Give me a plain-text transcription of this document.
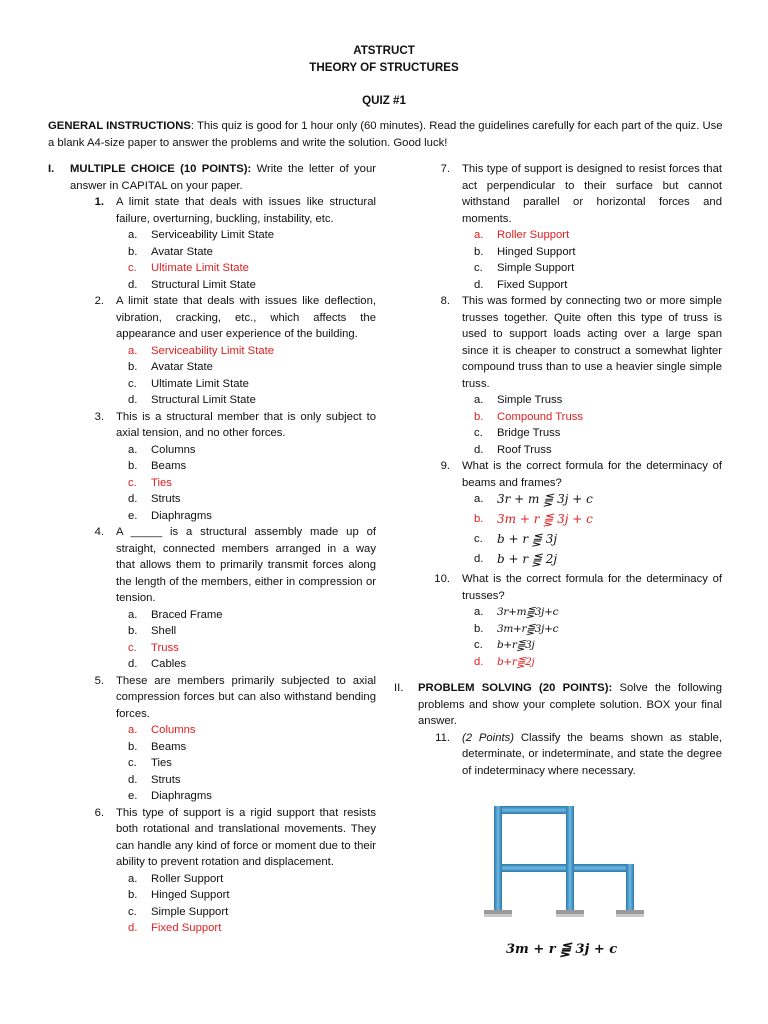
ATSTRUCT
THEORY OF STRUCTURES
QUIZ #1
GENERAL INSTRUCTIONS: This quiz is good for 1 hour only (60 minutes). Read the guidelines carefully for each part of the quiz. Use a blank A4-size paper to answer the problems and write the solution. Good luck!
I. MULTIPLE CHOICE (10 POINTS): Write the letter of your answer in CAPITAL on your paper.
1. A limit state that deals with issues like structural failure, overturning, buckling, instability, etc.
a. Serviceability Limit State
b. Avatar State
c. Ultimate Limit State
d. Structural Limit State
2. A limit state that deals with issues like deflection, vibration, cracking, etc., which affects the appearance and user experience of the building.
a. Serviceability Limit State
b. Avatar State
c. Ultimate Limit State
d. Structural Limit State
3. This is a structural member that is only subject to axial tension, and no other forces.
a. Columns
b. Beams
c. Ties
d. Struts
e. Diaphragms
4. A _____ is a structural assembly made up of straight, connected members arranged in a way that allows them to primarily transmit forces along the length of the members, either in compression or tension.
a. Braced Frame
b. Shell
c. Truss
d. Cables
5. These are members primarily subjected to axial compression forces but can also withstand bending forces.
a. Columns
b. Beams
c. Ties
d. Struts
e. Diaphragms
6. This type of support is a rigid support that resists both rotational and translational movements. They can handle any kind of force or moment due to their ability to prevent rotation and displacement.
a. Roller Support
b. Hinged Support
c. Simple Support
d. Fixed Support
7. This type of support is designed to resist forces that act perpendicular to their surface but cannot withstand parallel or horizontal forces and moments.
a. Roller Support
b. Hinged Support
c. Simple Support
d. Fixed Support
8. This was formed by connecting two or more simple trusses together. Quite often this type of truss is used to support loads acting over a large span since it is cheaper to construct a somewhat lighter compound truss than to use a heavier single simple truss.
a. Simple Truss
b. Compound Truss
c. Bridge Truss
d. Roof Truss
9. What is the correct formula for the determinacy of beams and frames?
a. 3r + m ⪋ 3j + c
b. 3m + r ⪋ 3j + c
c. b + r ⪋ 3j
d. b + r ⪋ 2j
10. What is the correct formula for the determinacy of trusses?
a. 3r+m⪋3j+c
b. 3m+r⪋3j+c
c. b+r⪋3j
d. b+r⪋2j
II. PROBLEM SOLVING (20 POINTS): Solve the following problems and show your complete solution. BOX your final answer.
11. (2 Points) Classify the beams shown as stable, determinate, or indeterminate, and state the degree of indeterminacy where necessary.
3m + r ⪋ 3j + c
